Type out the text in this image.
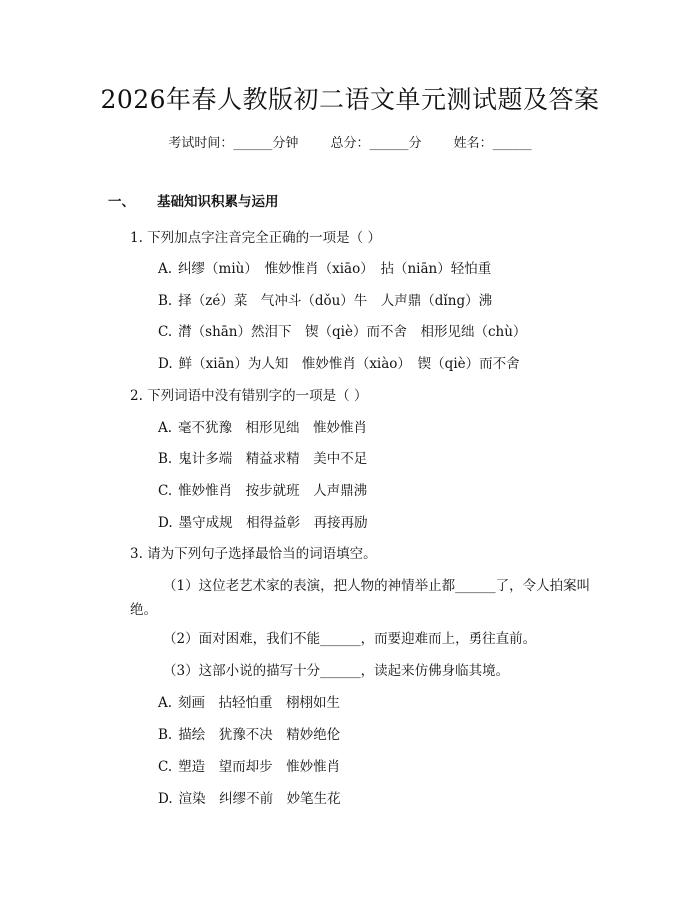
2026年春人教版初二语文单元测试题及答案
考试时间：______分钟 总分：______分 姓名：______
一、 基础知识积累与运用
1. 下列加点字注音完全正确的一项是（ ）
A. 纠缪（miù）　惟妙惟肖（xiāo）　拈（niān）轻怕重
B. 择（zé）菜　气冲斗（dǒu）牛　人声鼎（dǐng）沸
C. 潸（shān）然泪下　锲（qiè）而不舍　相形见绌（chù）
D. 鲜（xiān）为人知　惟妙惟肖（xiào）　锲（qiè）而不舍
2. 下列词语中没有错别字的一项是（ ）
A. 毫不犹豫　相形见绌　惟妙惟肖
B. 鬼计多端　精益求精　美中不足
C. 惟妙惟肖　按步就班　人声鼎沸
D. 墨守成规　相得益彰　再接再励
3. 请为下列句子选择最恰当的词语填空。
（1）这位老艺术家的表演，把人物的神情举止都______了，令人拍案叫
绝。
（2）面对困难，我们不能______，而要迎难而上，勇往直前。
（3）这部小说的描写十分______，读起来仿佛身临其境。
A. 刻画　拈轻怕重　栩栩如生
B. 描绘　犹豫不决　精妙绝伦
C. 塑造　望而却步　惟妙惟肖
D. 渲染　纠缪不前　妙笔生花
